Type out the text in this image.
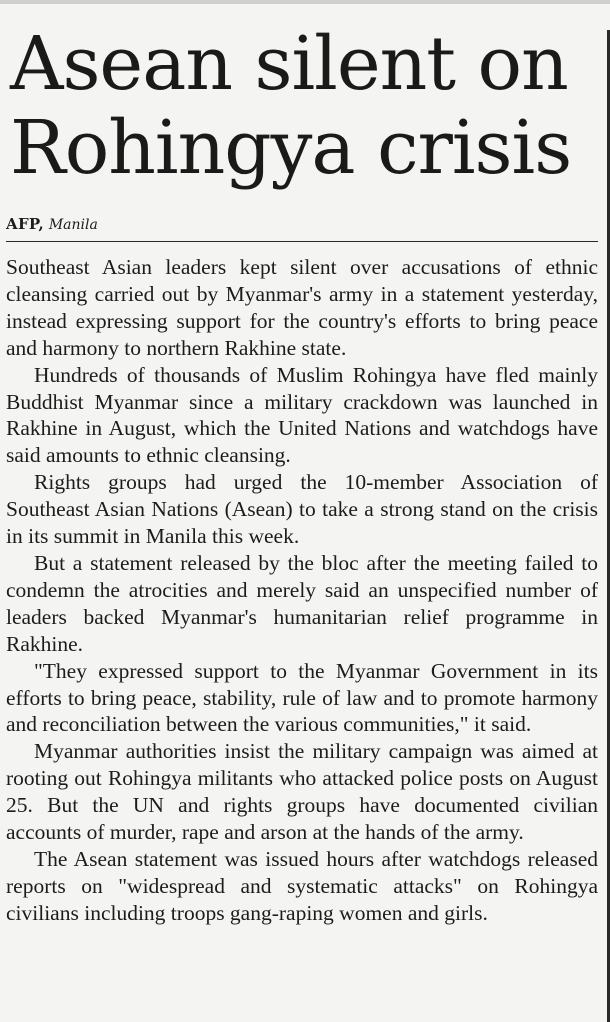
Asean silent on Rohingya crisis
AFP, Manila

Southeast Asian leaders kept silent over accusations of ethnic cleansing carried out by Myanmar's army in a statement yesterday, instead expressing support for the country's efforts to bring peace and harmony to northern Rakhine state.

Hundreds of thousands of Muslim Rohingya have fled mainly Buddhist Myanmar since a military crackdown was launched in Rakhine in August, which the United Nations and watchdogs have said amounts to ethnic cleansing.

Rights groups had urged the 10-member Association of Southeast Asian Nations (Asean) to take a strong stand on the crisis in its summit in Manila this week.

But a statement released by the bloc after the meeting failed to condemn the atrocities and merely said an unspecified number of leaders backed Myanmar's humanitarian relief programme in Rakhine.

"They expressed support to the Myanmar Government in its efforts to bring peace, stability, rule of law and to promote harmony and reconciliation between the various communities," it said.

Myanmar authorities insist the military campaign was aimed at rooting out Rohingya militants who attacked police posts on August 25. But the UN and rights groups have documented civilian accounts of murder, rape and arson at the hands of the army.

The Asean statement was issued hours after watchdogs released reports on "widespread and systematic attacks" on Rohingya civilians including troops gang-raping women and girls.
